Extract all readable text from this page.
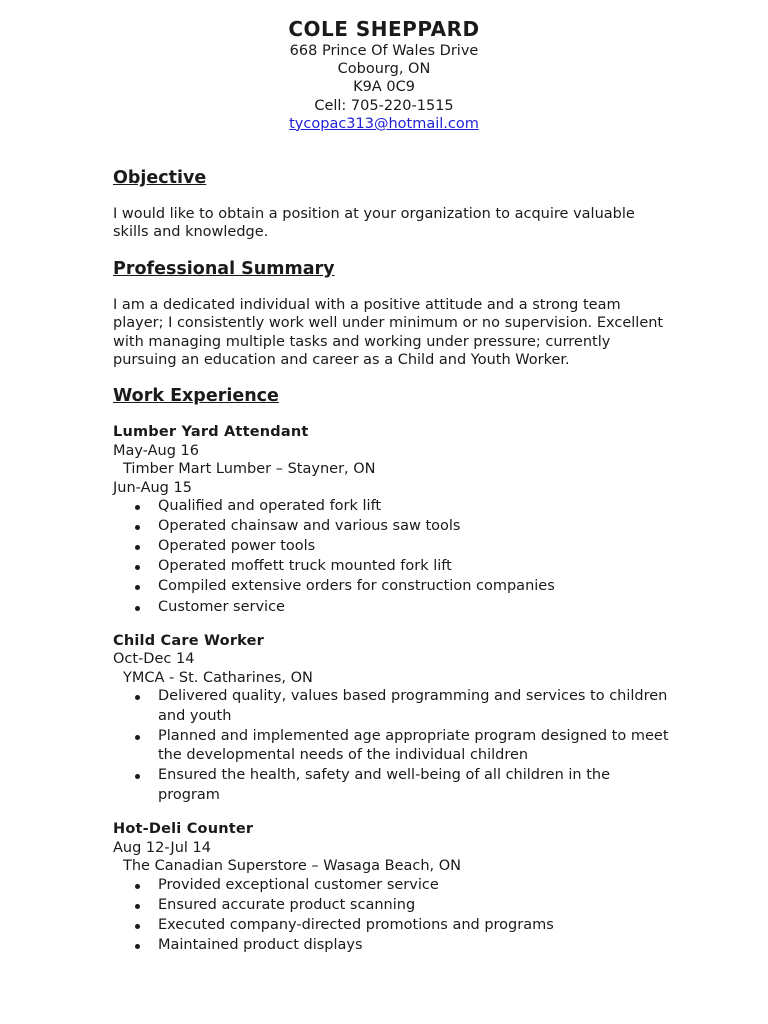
COLE SHEPPARD
668 Prince Of Wales Drive
Cobourg, ON
K9A 0C9
Cell: 705-220-1515
tycopac313@hotmail.com
Objective

I would like to obtain a position at your organization to acquire valuable skills and knowledge.

Professional Summary

I am a dedicated individual with a positive attitude and a strong team player; I consistently work well under minimum or no supervision. Excellent with managing multiple tasks and working under pressure; currently pursuing an education and career as a Child and Youth Worker.

Work Experience
Lumber Yard Attendant
May-Aug 16
Timber Mart Lumber – Stayner, ON
Jun-Aug 15
Qualified and operated fork lift
Operated chainsaw and various saw tools
Operated power tools
Operated moffett truck mounted fork lift
Compiled extensive orders for construction companies
Customer service
Child Care Worker
Oct-Dec 14
YMCA - St. Catharines, ON
Delivered quality, values based programming and services to children and youth
Planned and implemented age appropriate program designed to meet the developmental needs of the individual children
Ensured the health, safety and well-being of all children in the program
Hot-Deli Counter
Aug 12-Jul 14
The Canadian Superstore – Wasaga Beach, ON
Provided exceptional customer service
Ensured accurate product scanning
Executed company-directed promotions and programs
Maintained product displays
